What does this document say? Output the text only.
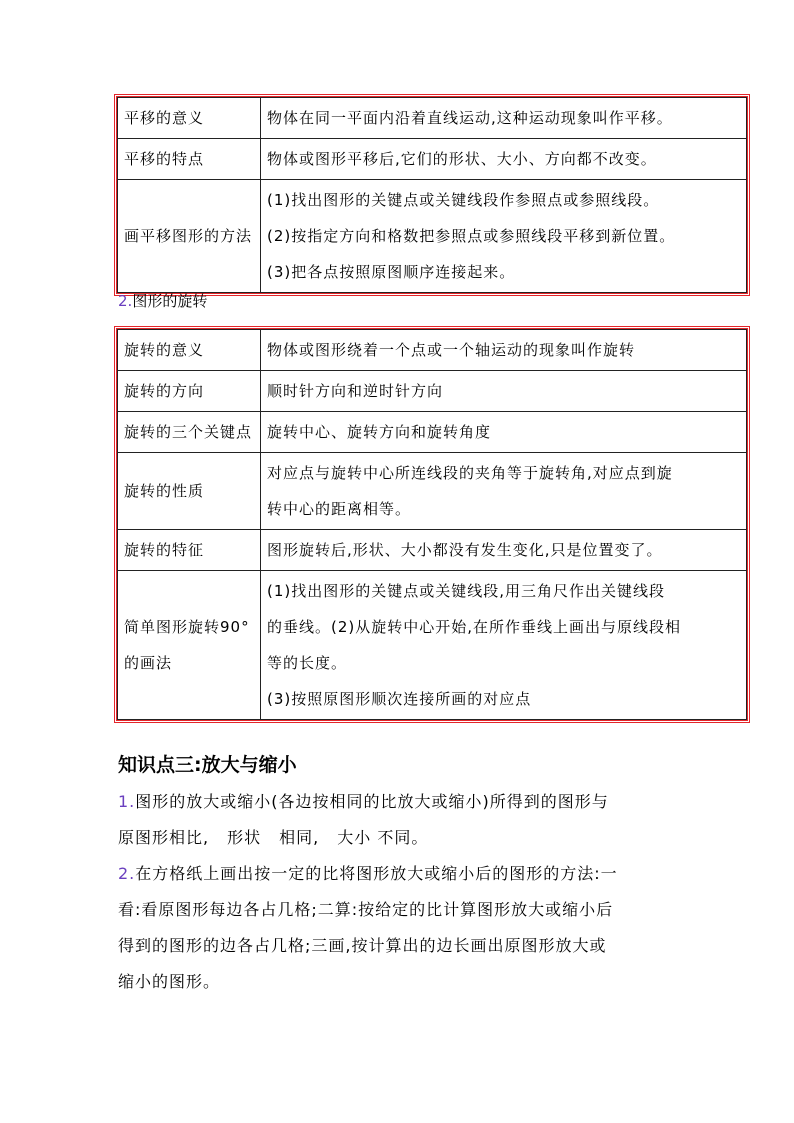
平移的意义	物体在同一平面内沿着直线运动,这种运动现象叫作平移。

平移的特点	物体或图形平移后,它们的形状、大小、方向都不改变。

画平移图形的方法	(1)找出图形的关键点或关键线段作参照点或参照线段。
(2)按指定方向和格数把参照点或参照线段平移到新位置。
(3)把各点按照原图顺序连接起来。
2.图形的旋转
旋转的意义	物体或图形绕着一个点或一个轴运动的现象叫作旋转

旋转的方向	顺时针方向和逆时针方向

旋转的三个关键点	旋转中心、旋转方向和旋转角度

旋转的性质	对应点与旋转中心所连线段的夹角等于旋转角,对应点到旋
转中心的距离相等。

旋转的特征	图形旋转后,形状、大小都没有发生变化,只是位置变了。

简单图形旋转90°的画法	(1)找出图形的关键点或关键线段,用三角尺作出关键线段
的垂线。(2)从旋转中心开始,在所作垂线上画出与原线段相
等的长度。
(3)按照原图形顺次连接所画的对应点
知识点三:放大与缩小
1.图形的放大或缩小(各边按相同的比放大或缩小)所得到的图形与
原图形相比, 形状 相同, 大小 不同。
2.在方格纸上画出按一定的比将图形放大或缩小后的图形的方法:一
看:看原图形每边各占几格;二算:按给定的比计算图形放大或缩小后
得到的图形的边各占几格;三画,按计算出的边长画出原图形放大或
缩小的图形。
